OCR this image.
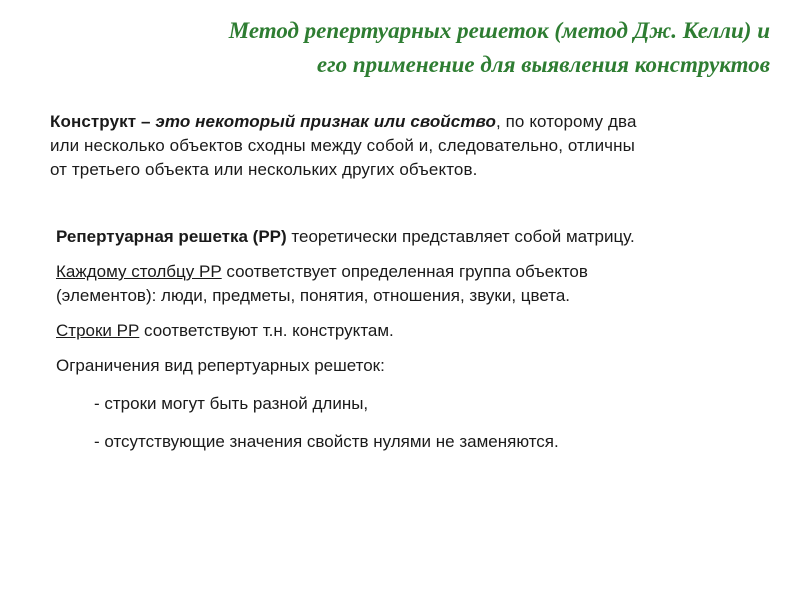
Метод репертуарных решеток (метод Дж. Келли) и
его применение для выявления конструктов
Конструкт – это некоторый признак или свойство, по которому два
или несколько объектов сходны между собой и, следовательно, отличны
от третьего объекта или нескольких других объектов.
Репертуарная решетка (РР) теоретически представляет собой матрицу.
Каждому столбцу РР соответствует определенная группа объектов (элементов): люди, предметы, понятия, отношения, звуки, цвета.
Строки РР соответствуют т.н. конструктам.
Ограничения вид репертуарных решеток:
- строки могут быть разной длины,
- отсутствующие значения свойств нулями не заменяются.
